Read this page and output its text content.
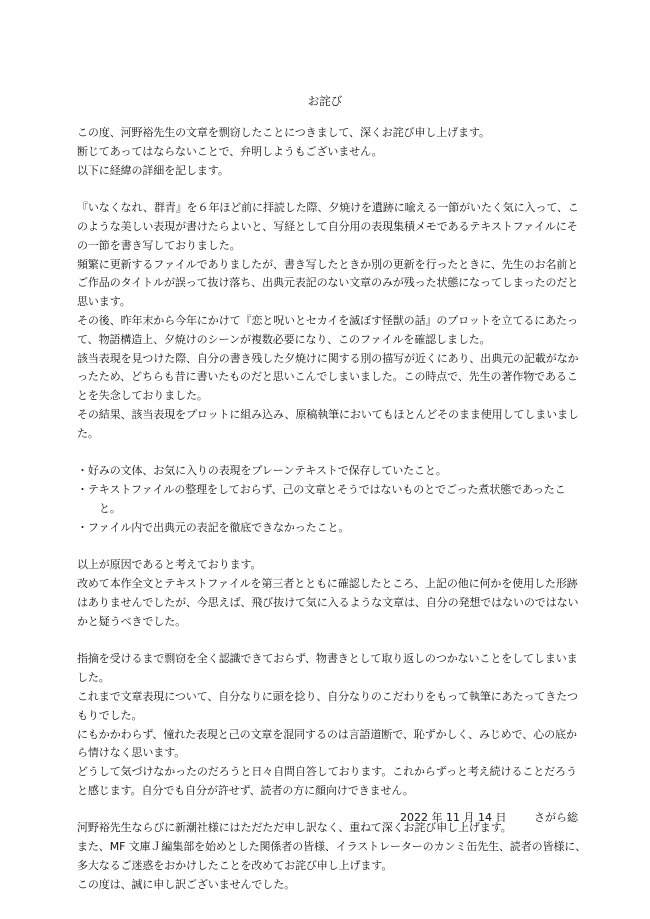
お詫び

この度、河野裕先生の文章を剽窃したことにつきまして、深くお詫び申し上げます。

断じてあってはならないことで、弁明しようもございません。

以下に経緯の詳細を記します。

『いなくなれ、群青』を６年ほど前に拝読した際、夕焼けを遺跡に喩える一節がいたく気に入って、このような美しい表現が書けたらよいと、写経として自分用の表現集積メモであるテキストファイルにその一節を書き写しておりました。

頻繁に更新するファイルでありましたが、書き写したときか別の更新を行ったときに、先生のお名前とご作品のタイトルが誤って抜け落ち、出典元表記のない文章のみが残った状態になってしまったのだと思います。

その後、昨年末から今年にかけて『恋と呪いとセカイを滅ぼす怪獣の話』のプロットを立てるにあたって、物語構造上、夕焼けのシーンが複数必要になり、このファイルを確認しました。

該当表現を見つけた際、自分の書き残した夕焼けに関する別の描写が近くにあり、出典元の記載がなかったため、どちらも昔に書いたものだと思いこんでしまいました。この時点で、先生の著作物であることを失念しておりました。

その結果、該当表現をプロットに組み込み、原稿執筆においてもほとんどそのまま使用してしまいました。

・好みの文体、お気に入りの表現をプレーンテキストで保存していたこと。

・テキストファイルの整理をしておらず、己の文章とそうではないものとでごった煮状態であったこと。

・ファイル内で出典元の表記を徹底できなかったこと。

以上が原因であると考えております。

改めて本作全文とテキストファイルを第三者とともに確認したところ、上記の他に何かを使用した形跡はありませんでしたが、今思えば、飛び抜けて気に入るような文章は、自分の発想ではないのではないかと疑うべきでした。

指摘を受けるまで剽窃を全く認識できておらず、物書きとして取り返しのつかないことをしてしまいました。

これまで文章表現について、自分なりに頭を捻り、自分なりのこだわりをもって執筆にあたってきたつもりでした。

にもかかわらず、憧れた表現と己の文章を混同するのは言語道断で、恥ずかしく、みじめで、心の底から情けなく思います。

どうして気づけなかったのだろうと日々自問自答しております。これからずっと考え続けることだろうと感じます。自分でも自分が許せず、読者の方に顔向けできません。

河野裕先生ならびに新潮社様にはただただ申し訳なく、重ねて深くお詫び申し上げます。

また、MF 文庫Ｊ編集部を始めとした関係者の皆様、イラストレーターのカンミ缶先生、読者の皆様に、多大なるご迷惑をおかけしたことを改めてお詫び申し上げます。

この度は、誠に申し訳ございませんでした。

2022 年 11 月 14 日	さがら総
